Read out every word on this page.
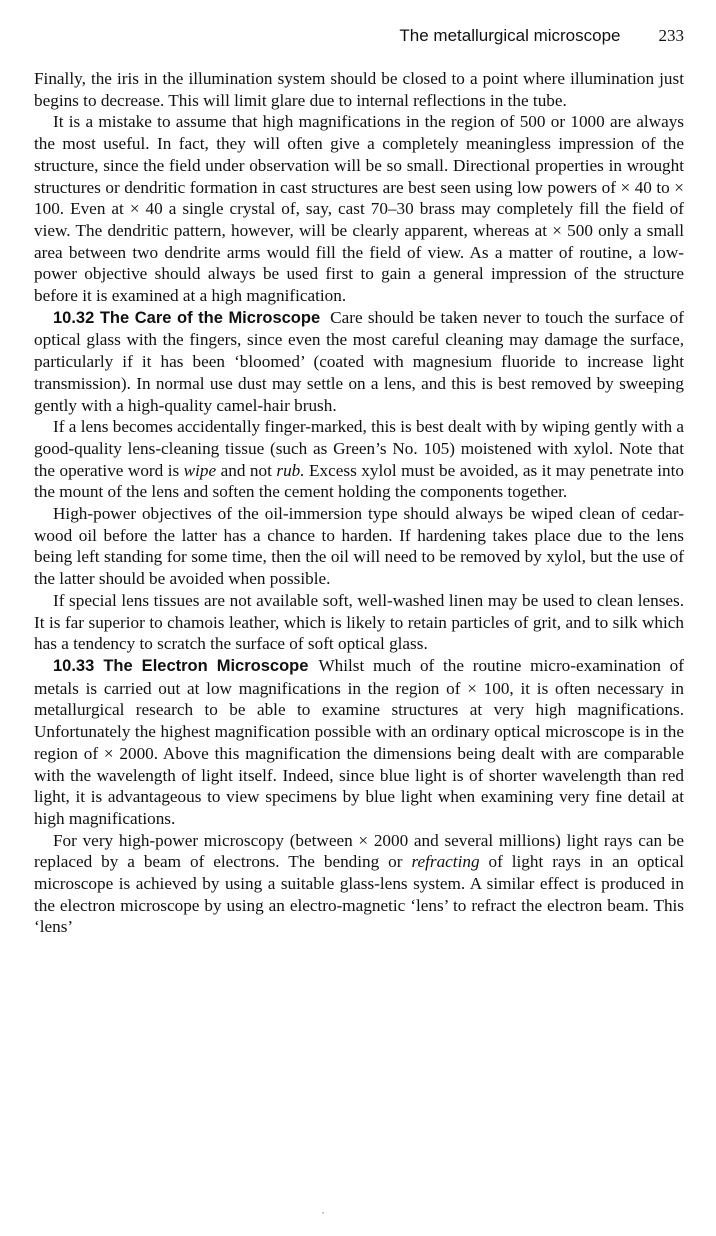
The metallurgical microscope 233

Finally, the iris in the illumination system should be closed to a point where illumination just begins to decrease. This will limit glare due to internal reflections in the tube.

It is a mistake to assume that high magnifications in the region of 500 or 1000 are always the most useful. In fact, they will often give a completely meaningless impression of the structure, since the field under observation will be so small. Directional properties in wrought structures or dendritic formation in cast structures are best seen using low powers of × 40 to × 100. Even at × 40 a single crystal of, say, cast 70–30 brass may completely fill the field of view. The dendritic pattern, however, will be clearly apparent, whereas at × 500 only a small area between two dendrite arms would fill the field of view. As a matter of routine, a low-power objective should always be used first to gain a general impression of the structure before it is examined at a high magnification.

10.32 The Care of the Microscope Care should be taken never to touch the surface of optical glass with the fingers, since even the most careful cleaning may damage the surface, particularly if it has been ‘bloomed’ (coated with magnesium fluoride to increase light transmission). In normal use dust may settle on a lens, and this is best removed by sweeping gently with a high-quality camel-hair brush.

If a lens becomes accidentally finger-marked, this is best dealt with by wiping gently with a good-quality lens-cleaning tissue (such as Green’s No. 105) moistened with xylol. Note that the operative word is wipe and not rub. Excess xylol must be avoided, as it may penetrate into the mount of the lens and soften the cement holding the components together.

High-power objectives of the oil-immersion type should always be wiped clean of cedar-wood oil before the latter has a chance to harden. If hardening takes place due to the lens being left standing for some time, then the oil will need to be removed by xylol, but the use of the latter should be avoided when possible.

If special lens tissues are not available soft, well-washed linen may be used to clean lenses. It is far superior to chamois leather, which is likely to retain particles of grit, and to silk which has a tendency to scratch the surface of soft optical glass.

10.33 The Electron Microscope Whilst much of the routine micro-examination of metals is carried out at low magnifications in the region of × 100, it is often necessary in metallurgical research to be able to examine structures at very high magnifications. Unfortunately the highest magnification possible with an ordinary optical microscope is in the region of × 2000. Above this magnification the dimensions being dealt with are comparable with the wavelength of light itself. Indeed, since blue light is of shorter wavelength than red light, it is advantageous to view specimens by blue light when examining very fine detail at high magnifications.

For very high-power microscopy (between × 2000 and several millions) light rays can be replaced by a beam of electrons. The bending or refracting of light rays in an optical microscope is achieved by using a suitable glass-lens system. A similar effect is produced in the electron microscope by using an electro-magnetic ‘lens’ to refract the electron beam. This ‘lens’
